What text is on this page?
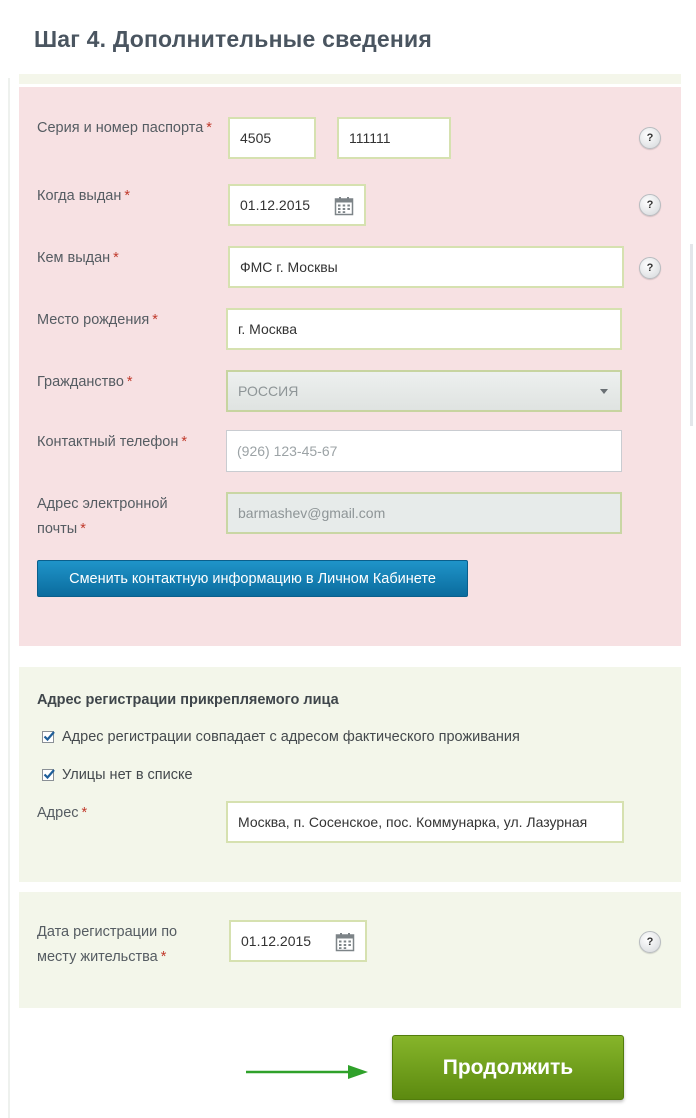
Шаг 4. Дополнительные сведения
Серия и номер паспорта *
4505	111111	?
Когда выдан *
01.12.2015	?
Кем выдан *
ФМС г. Москвы	?
Место рождения *
г. Москва
Гражданство *
РОССИЯ
Контактный телефон *
(926) 123-45-67
Адрес электронной почты *
barmashev@gmail.com
Сменить контактную информацию в Личном Кабинете
Адрес регистрации прикрепляемого лица
Адрес регистрации совпадает с адресом фактического проживания
Улицы нет в списке
Адрес *
Москва, п. Сосенское, пос. Коммунарка, ул. Лазурная
Дата регистрации по месту жительства *
01.12.2015	?
Продолжить
